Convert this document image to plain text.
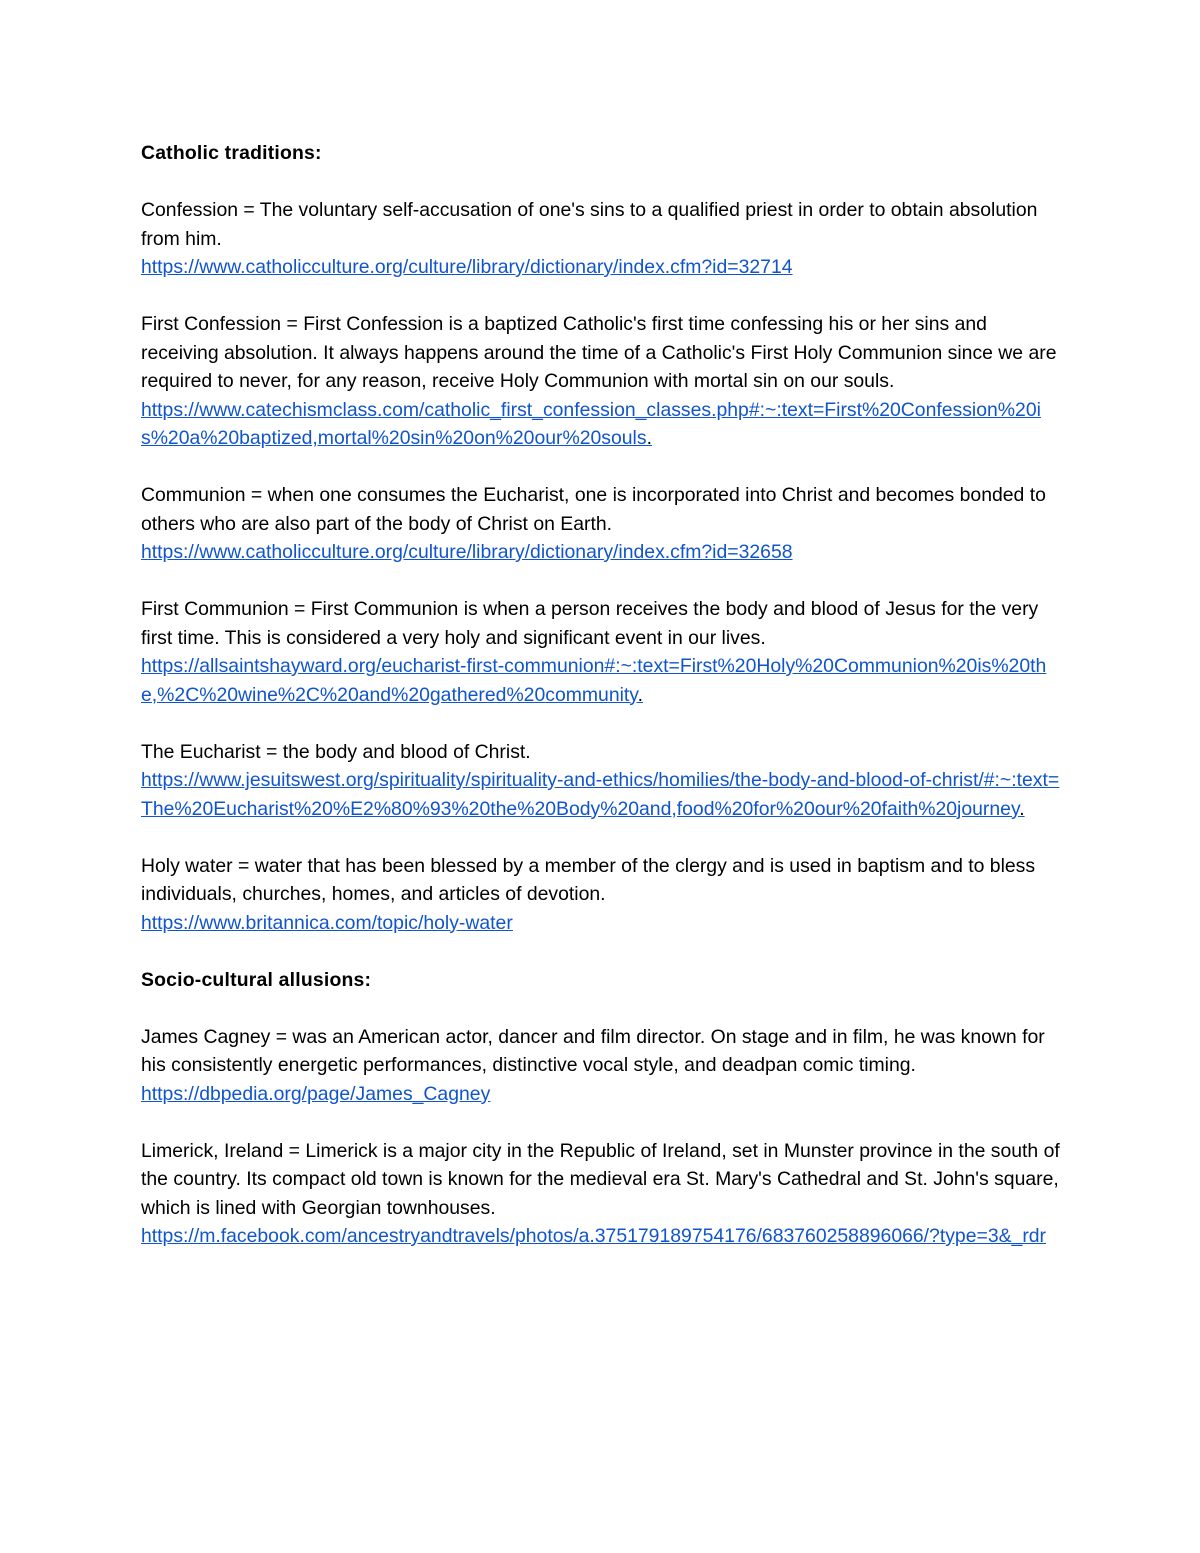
Catholic traditions:

Confession = The voluntary self-accusation of one's sins to a qualified priest in order to obtain absolution from him.
https://www.catholicculture.org/culture/library/dictionary/index.cfm?id=32714
First Confession = First Confession is a baptized Catholic's first time confessing his or her sins and receiving absolution. It always happens around the time of a Catholic's First Holy Communion since we are required to never, for any reason, receive Holy Communion with mortal sin on our souls.
https://www.catechismclass.com/catholic_first_confession_classes.php#:~:text=First%20Confession%20is%20a%20baptized,mortal%20sin%20on%20our%20souls.
Communion = when one consumes the Eucharist, one is incorporated into Christ and becomes bonded to others who are also part of the body of Christ on Earth.
https://www.catholicculture.org/culture/library/dictionary/index.cfm?id=32658
First Communion = First Communion is when a person receives the body and blood of Jesus for the very first time. This is considered a very holy and significant event in our lives.
https://allsaintshayward.org/eucharist-first-communion#:~:text=First%20Holy%20Communion%20is%20the,%2C%20wine%2C%20and%20gathered%20community.
The Eucharist = the body and blood of Christ.
https://www.jesuitswest.org/spirituality/spirituality-and-ethics/homilies/the-body-and-blood-of-christ/#:~:text=The%20Eucharist%20%E2%80%93%20the%20Body%20and,food%20for%20our%20faith%20journey.
Holy water = water that has been blessed by a member of the clergy and is used in baptism and to bless individuals, churches, homes, and articles of devotion.
https://www.britannica.com/topic/holy-water

Socio-cultural allusions:

James Cagney = was an American actor, dancer and film director. On stage and in film, he was known for his consistently energetic performances, distinctive vocal style, and deadpan comic timing.
https://dbpedia.org/page/James_Cagney
Limerick, Ireland = Limerick is a major city in the Republic of Ireland, set in Munster province in the south of the country. Its compact old town is known for the medieval era St. Mary's Cathedral and St. John's square, which is lined with Georgian townhouses.
https://m.facebook.com/ancestryandtravels/photos/a.375179189754176/683760258896066/?type=3&_rdr
